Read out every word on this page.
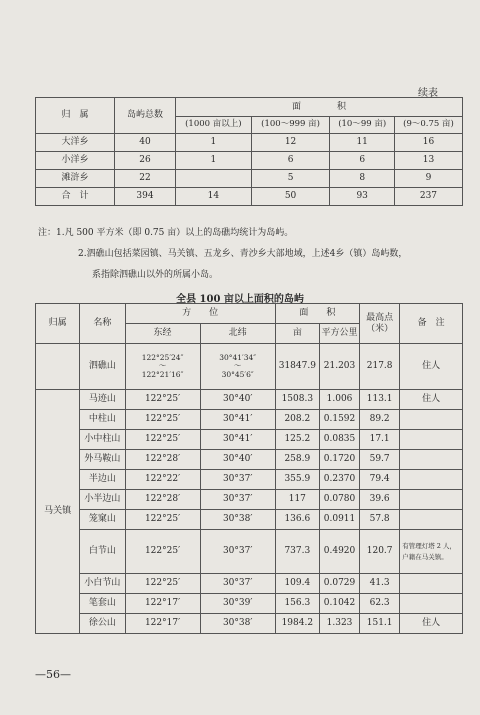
续表
归　属	岛屿总数	面　　　　积			
		(1000 亩以上)	(100～999 亩)	(10～99 亩)	(9～0.75 亩)
大洋乡	40	1	12	11	16
小洋乡	26	1	6	6	13
滩浒乡	22		5	8	9
合　计	394	14	50	93	237
注：1.凡 500 平方米（即 0.75 亩）以上的岛礁均统计为岛屿。
2.泗礁山包括菜园镇、马关镇、五龙乡、青沙乡大部地域，上述4乡（镇）岛屿数，
系指除泗礁山以外的所属小岛。
全县 100 亩以上面积的岛屿
归属	名称	方　　位		面　　积		最高点（米）	备　注
		东经	北纬	亩	平方公里		
	泗礁山	122°25′24″
～
122°21′16″	30°41′34″
～
30°45′6″	31847.9	21.203	217.8	住人
马关镇	马迹山	122°25′	30°40′	1508.3	1.006	113.1	住人
	中柱山	122°25′	30°41′	208.2	0.1592	89.2	
	小中柱山	122°25′	30°41′	125.2	0.0835	17.1	
	外马鞍山	122°28′	30°40′	258.9	0.1720	59.7	
	半边山	122°22′	30°37′	355.9	0.2370	79.4	
	小半边山	122°28′	30°37′	117	0.0780	39.6	
	笼窠山	122°25′	30°38′	136.6	0.0911	57.8	
	白节山	122°25′	30°37′	737.3	0.4920	120.7	有管理灯塔 2 人，户籍在马关镇。
	小白节山	122°25′	30°37′	109.4	0.0729	41.3	
	笔套山	122°17′	30°39′	156.3	0.1042	62.3	
	徐公山	122°17′	30°38′	1984.2	1.323	151.1	住人
—56—
